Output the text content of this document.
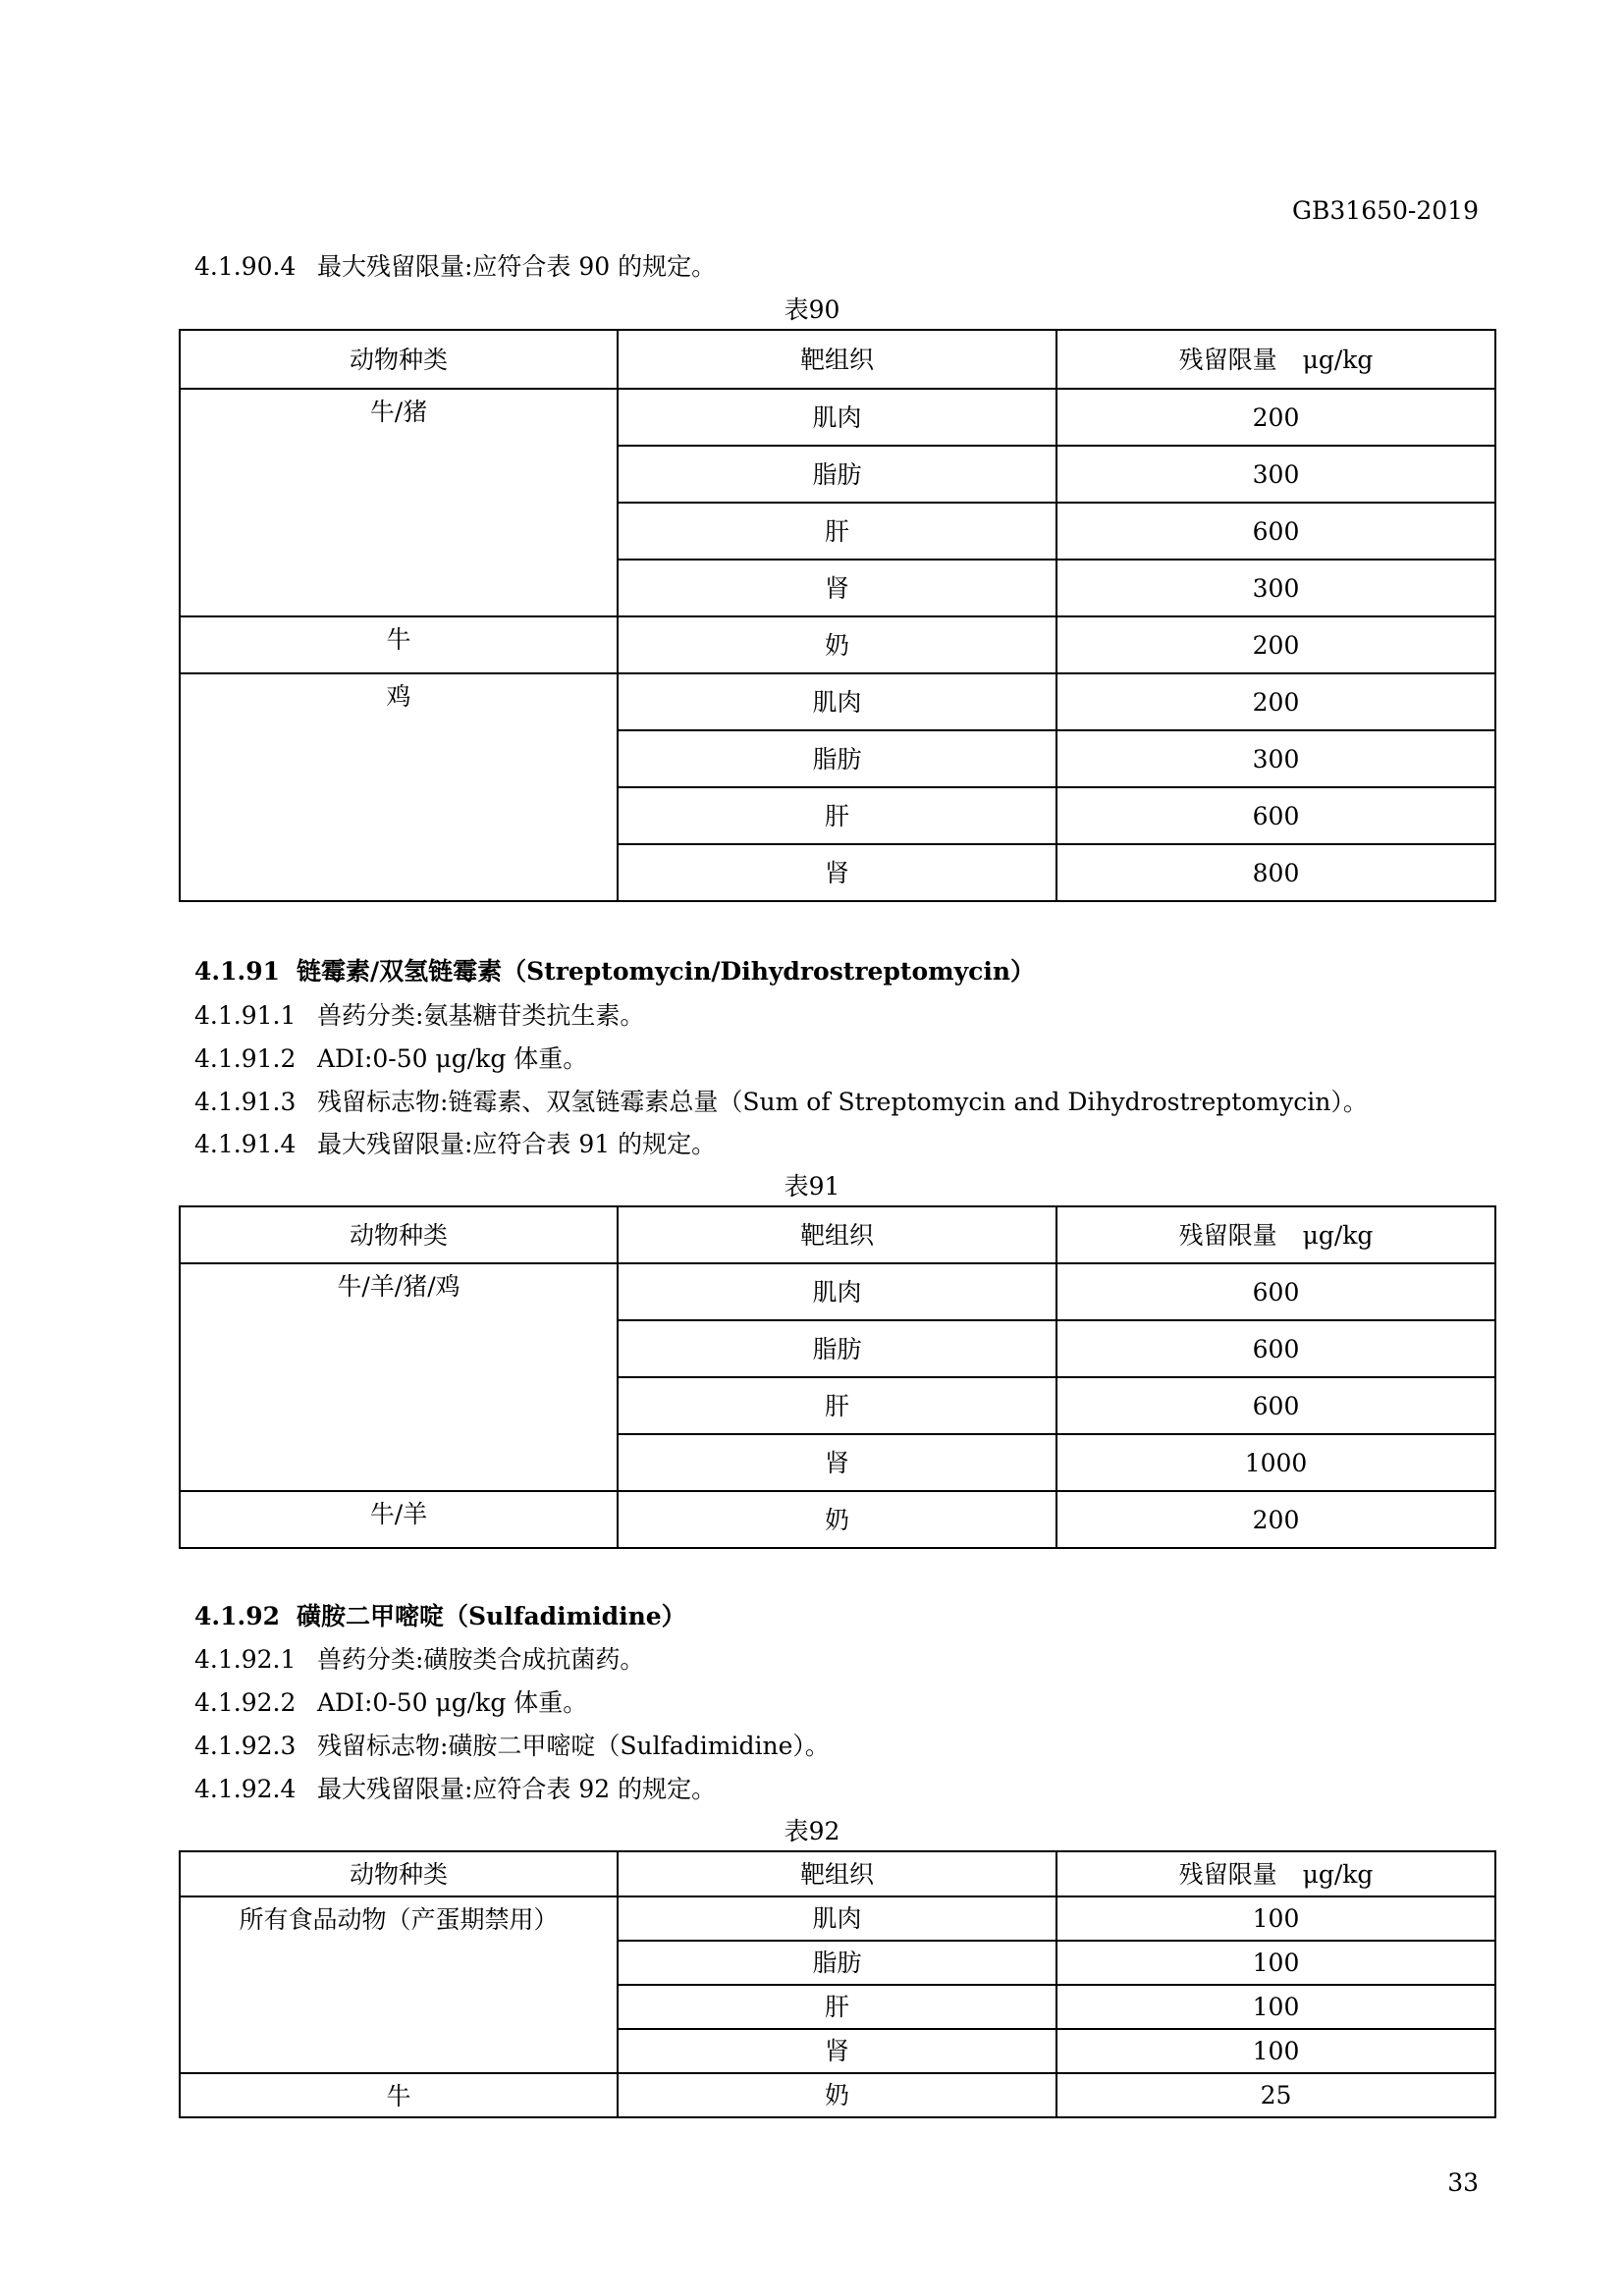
GB31650-2019
4.1.90.4 最大残留限量:应符合表 90 的规定。
表90
动物种类	靶组织	残留限量 μg/kg
牛/猪	肌肉	200
	脂肪	300
	肝	600
	肾	300
牛	奶	200
鸡	肌肉	200
	脂肪	300
	肝	600
	肾	800
4.1.91 链霉素/双氢链霉素（Streptomycin/Dihydrostreptomycin）
4.1.91.1 兽药分类:氨基糖苷类抗生素。
4.1.91.2 ADI:0-50 μg/kg 体重。
4.1.91.3 残留标志物:链霉素、双氢链霉素总量（Sum of Streptomycin and Dihydrostreptomycin）。
4.1.91.4 最大残留限量:应符合表 91 的规定。
表91
动物种类	靶组织	残留限量 μg/kg
牛/羊/猪/鸡	肌肉	600
	脂肪	600
	肝	600
	肾	1000
牛/羊	奶	200
4.1.92 磺胺二甲嘧啶（Sulfadimidine）
4.1.92.1 兽药分类:磺胺类合成抗菌药。
4.1.92.2 ADI:0-50 μg/kg 体重。
4.1.92.3 残留标志物:磺胺二甲嘧啶（Sulfadimidine）。
4.1.92.4 最大残留限量:应符合表 92 的规定。
表92
动物种类	靶组织	残留限量 μg/kg
所有食品动物（产蛋期禁用）	肌肉	100
	脂肪	100
	肝	100
	肾	100
牛	奶	25
33
